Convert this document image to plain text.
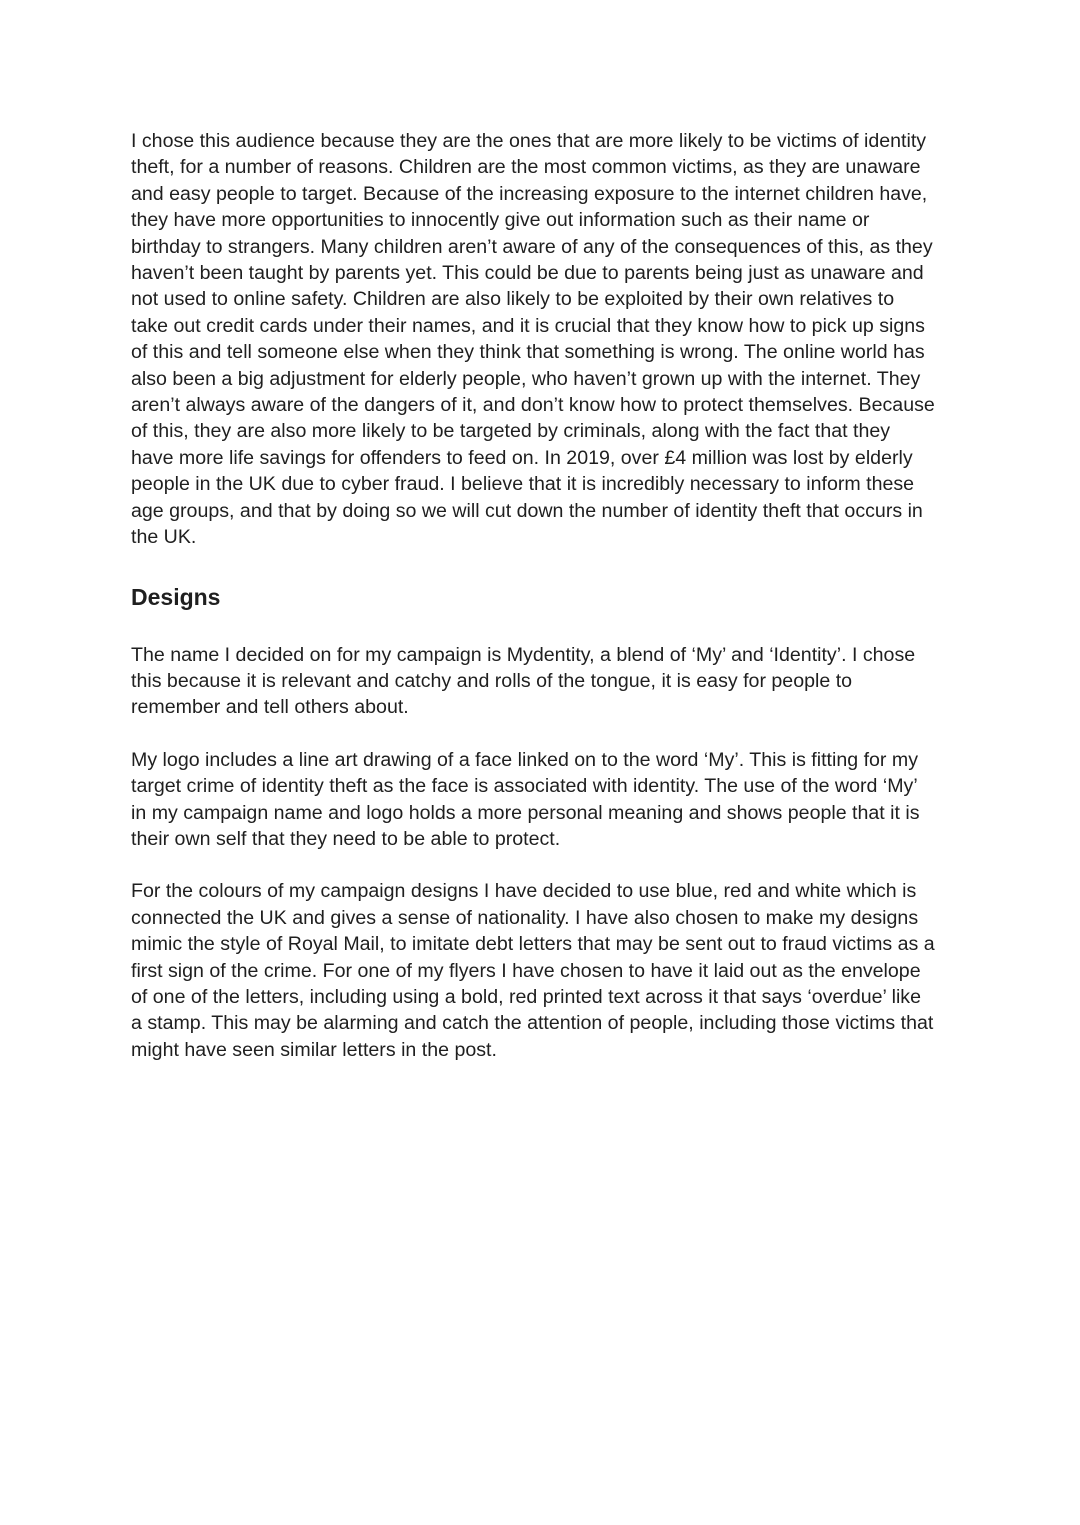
I chose this audience because they are the ones that are more likely to be victims of identity
theft, for a number of reasons. Children are the most common victims, as they are unaware
and easy people to target. Because of the increasing exposure to the internet children have,
they have more opportunities to innocently give out information such as their name or
birthday to strangers. Many children aren’t aware of any of the consequences of this, as they
haven’t been taught by parents yet. This could be due to parents being just as unaware and
not used to online safety. Children are also likely to be exploited by their own relatives to
take out credit cards under their names, and it is crucial that they know how to pick up signs
of this and tell someone else when they think that something is wrong. The online world has
also been a big adjustment for elderly people, who haven’t grown up with the internet. They
aren’t always aware of the dangers of it, and don’t know how to protect themselves. Because
of this, they are also more likely to be targeted by criminals, along with the fact that they
have more life savings for offenders to feed on. In 2019, over £4 million was lost by elderly
people in the UK due to cyber fraud. I believe that it is incredibly necessary to inform these
age groups, and that by doing so we will cut down the number of identity theft that occurs in
the UK.

Designs

The name I decided on for my campaign is Mydentity, a blend of ‘My’ and ‘Identity’. I chose
this because it is relevant and catchy and rolls of the tongue, it is easy for people to
remember and tell others about.

My logo includes a line art drawing of a face linked on to the word ‘My’. This is fitting for my
target crime of identity theft as the face is associated with identity. The use of the word ‘My’
in my campaign name and logo holds a more personal meaning and shows people that it is
their own self that they need to be able to protect.

For the colours of my campaign designs I have decided to use blue, red and white which is
connected the UK and gives a sense of nationality. I have also chosen to make my designs
mimic the style of Royal Mail, to imitate debt letters that may be sent out to fraud victims as a
first sign of the crime. For one of my flyers I have chosen to have it laid out as the envelope
of one of the letters, including using a bold, red printed text across it that says ‘overdue’ like
a stamp. This may be alarming and catch the attention of people, including those victims that
might have seen similar letters in the post.
